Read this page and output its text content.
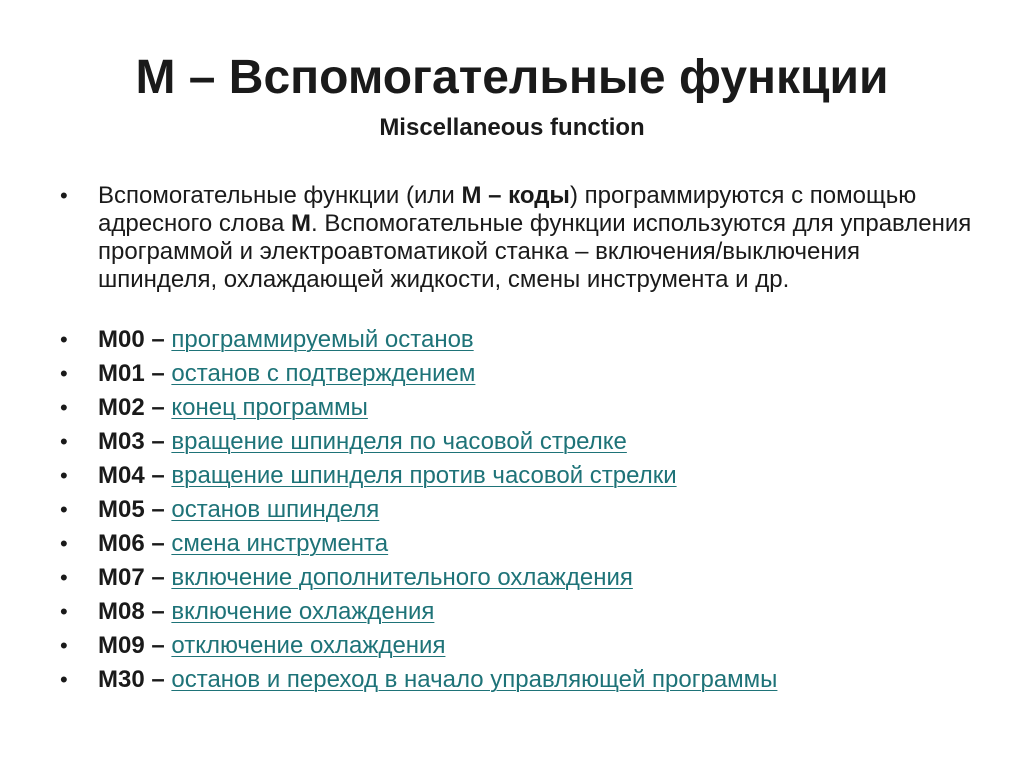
М – Вспомогательные функции
Miscellaneous function
• Вспомогательные функции (или М – коды) программируются с помощью адресного слова М. Вспомогательные функции используются для управления программой и электроавтоматикой станка – включения/выключения шпинделя, охлаждающей жидкости, смены инструмента и др.
• M00 – программируемый останов
• M01 – останов с подтверждением
• M02 – конец программы
• M03 – вращение шпинделя по часовой стрелке
• M04 – вращение шпинделя против часовой стрелки
• M05 – останов шпинделя
• M06 – смена инструмента
• M07 – включение дополнительного охлаждения
• M08 – включение охлаждения
• M09 – отключение охлаждения
• M30 – останов и переход в начало управляющей программы
